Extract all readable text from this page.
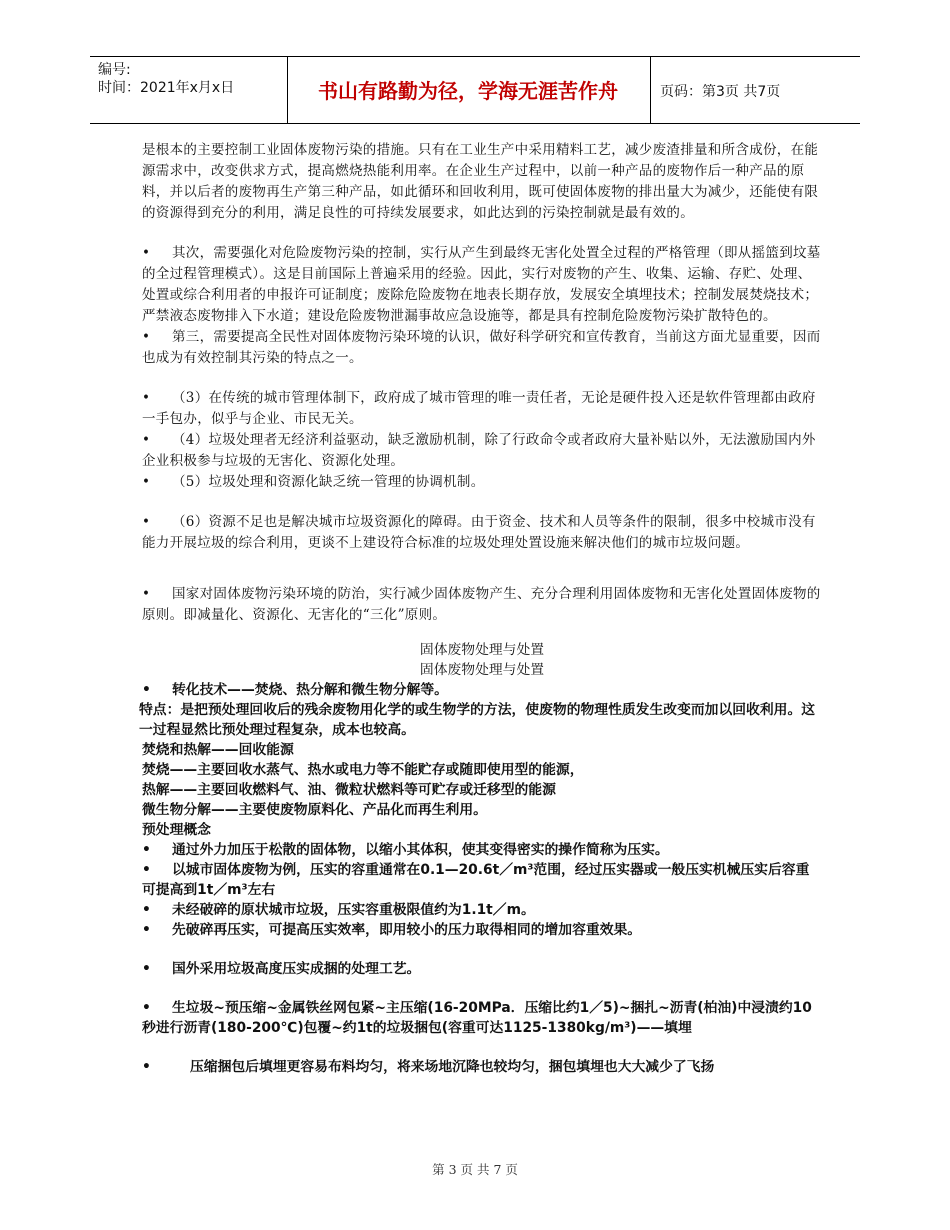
编号:
时间：2021年x月x日	书山有路勤为径，学海无涯苦作舟	页码：第3页 共7页

是根本的主要控制工业固体废物污染的措施。只有在工业生产中采用精料工艺，减少废渣排量和所含成份，在能源需求中，改变供求方式，提高燃烧热能利用率。在企业生产过程中，以前一种产品的废物作后一种产品的原料，并以后者的废物再生产第三种产品，如此循环和回收利用，既可使固体废物的排出量大为减少，还能使有限的资源得到充分的利用，满足良性的可持续发展要求，如此达到的污染控制就是最有效的。

• 其次，需要强化对危险废物污染的控制，实行从产生到最终无害化处置全过程的严格管理（即从摇篮到坟墓的全过程管理模式）。这是目前国际上普遍采用的经验。因此，实行对废物的产生、收集、运输、存贮、处理、处置或综合利用者的申报许可证制度；废除危险废物在地表长期存放，发展安全填埋技术；控制发展焚烧技术；严禁液态废物排入下水道；建设危险废物泄漏事故应急设施等，都是具有控制危险废物污染扩散特色的。

• 第三，需要提高全民性对固体废物污染环境的认识，做好科学研究和宣传教育，当前这方面尤显重要，因而也成为有效控制其污染的特点之一。

• （3）在传统的城市管理体制下，政府成了城市管理的唯一责任者，无论是硬件投入还是软件管理都由政府一手包办，似乎与企业、市民无关。

• （4）垃圾处理者无经济利益驱动，缺乏激励机制，除了行政命令或者政府大量补贴以外，无法激励国内外企业积极参与垃圾的无害化、资源化处理。

• （5）垃圾处理和资源化缺乏统一管理的协调机制。

• （6）资源不足也是解决城市垃圾资源化的障碍。由于资金、技术和人员等条件的限制，很多中校城市没有能力开展垃圾的综合利用，更谈不上建设符合标准的垃圾处理处置设施来解决他们的城市垃圾问题。

• 国家对固体废物污染环境的防治，实行减少固体废物产生、充分合理利用固体废物和无害化处置固体废物的原则。即减量化、资源化、无害化的“三化”原则。

固体废物处理与处置

固体废物处理与处置

• 转化技术——焚烧、热分解和微生物分解等。

特点：是把预处理回收后的残余废物用化学的或生物学的方法，使废物的物理性质发生改变而加以回收利用。这一过程显然比预处理过程复杂，成本也较高。

焚烧和热解——回收能源

焚烧——主要回收水蒸气、热水或电力等不能贮存或随即使用型的能源，

热解——主要回收燃料气、油、微粒状燃料等可贮存或迁移型的能源

微生物分解——主要使废物原料化、产品化而再生利用。

预处理概念

• 通过外力加压于松散的固体物，以缩小其体积，使其变得密实的操作简称为压实。

• 以城市固体废物为例，压实的容重通常在0.1—20.6t／m³范围，经过压实器或一般压实机械压实后容重可提高到1t／m³左右

• 未经破碎的原状城市垃圾，压实容重极限值约为1.1t／m。

• 先破碎再压实，可提高压实效率，即用较小的压力取得相同的增加容重效果。

• 国外采用垃圾高度压实成捆的处理工艺。

• 生垃圾~预压缩~金属铁丝网包紧~主压缩(16-20MPa．压缩比约1／5)~捆扎~沥青(柏油)中浸渍约10秒进行沥青(180-200℃)包覆~约1t的垃圾捆包(容重可达1125-1380kg/m³)——填埋

•	压缩捆包后填埋更容易布料均匀，将来场地沉降也较均匀，捆包填埋也大大减少了飞扬

第 3 页 共 7 页
